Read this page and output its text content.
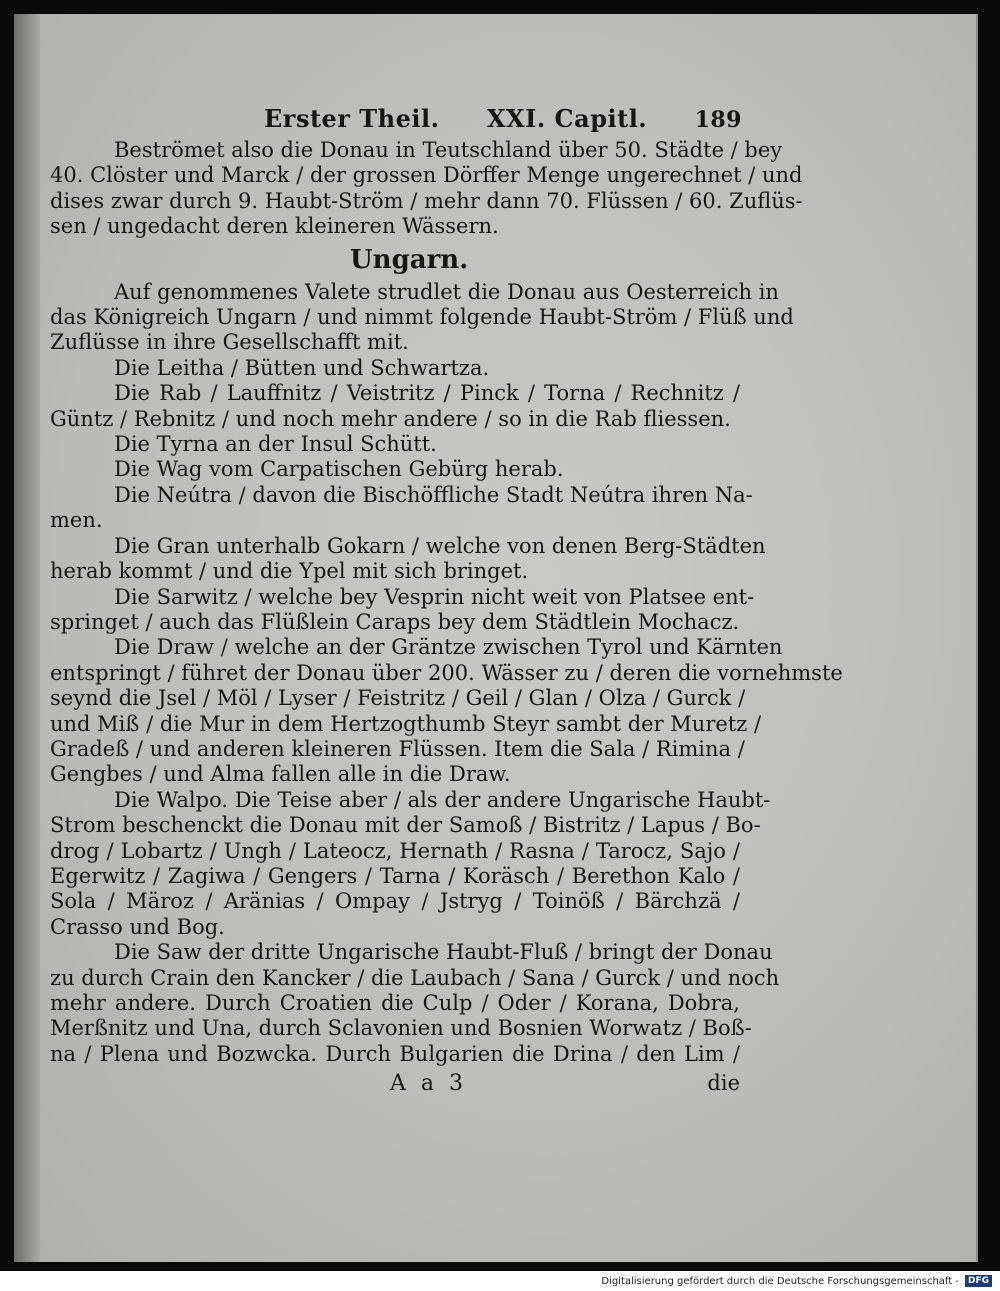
Erster Theil. XXI. Capitl. 189
Beströmet also die Donau in Teutschland über 50. Städte / bey
40. Clöster und Marck / der grossen Dörffer Menge ungerechnet / und
dises zwar durch 9. Haubt-Ström / mehr dann 70. Flüssen / 60. Zuflüs-
sen / ungedacht deren kleineren Wässern.
Ungarn.
Auf genommenes Valete strudlet die Donau aus Oesterreich in
das Königreich Ungarn / und nimmt folgende Haubt-Ström / Flüß und
Zuflüsse in ihre Gesellschafft mit.
Die Leitha / Bütten und Schwartza.
Die Rab / Lauffnitz / Veistritz / Pinck / Torna / Rechnitz /
Güntz / Rebnitz / und noch mehr andere / so in die Rab fliessen.
Die Tyrna an der Insul Schütt.
Die Wag vom Carpatischen Gebürg herab.
Die Neútra / davon die Bischöffliche Stadt Neútra ihren Na-
men.
Die Gran unterhalb Gokarn / welche von denen Berg-Städten
herab kommt / und die Ypel mit sich bringet.
Die Sarwitz / welche bey Vesprin nicht weit von Platsee ent-
springet / auch das Flüßlein Caraps bey dem Städtlein Mochacz.
Die Draw / welche an der Gräntze zwischen Tyrol und Kärnten
entspringt / führet der Donau über 200. Wässer zu / deren die vornehmste
seynd die Jsel / Möl / Lyser / Feistritz / Geil / Glan / Olza / Gurck /
und Miß / die Mur in dem Hertzogthumb Steyr sambt der Muretz /
Gradeß / und anderen kleineren Flüssen. Item die Sala / Rimina /
Gengbes / und Alma fallen alle in die Draw.
Die Walpo. Die Teise aber / als der andere Ungarische Haubt-
Strom beschenckt die Donau mit der Samoß / Bistritz / Lapus / Bo-
drog / Lobartz / Ungh / Lateocz, Hernath / Rasna / Tarocz, Sajo /
Egerwitz / Zagiwa / Gengers / Tarna / Koräsch / Berethon Kalo /
Sola / Märoz / Aränias / Ompay / Jstryg / Toinöß / Bärchzä /
Crasso und Bog.
Die Saw der dritte Ungarische Haubt-Fluß / bringt der Donau
zu durch Crain den Kancker / die Laubach / Sana / Gurck / und noch
mehr andere. Durch Croatien die Culp / Oder / Korana, Dobra,
Merßnitz und Una, durch Sclavonien und Bosnien Worwatz / Boß-
na / Plena und Bozwcka. Durch Bulgarien die Drina / den Lim /
A a 3	die
Digitalisierung gefördert durch die Deutsche Forschungsgemeinschaft -	DFG
